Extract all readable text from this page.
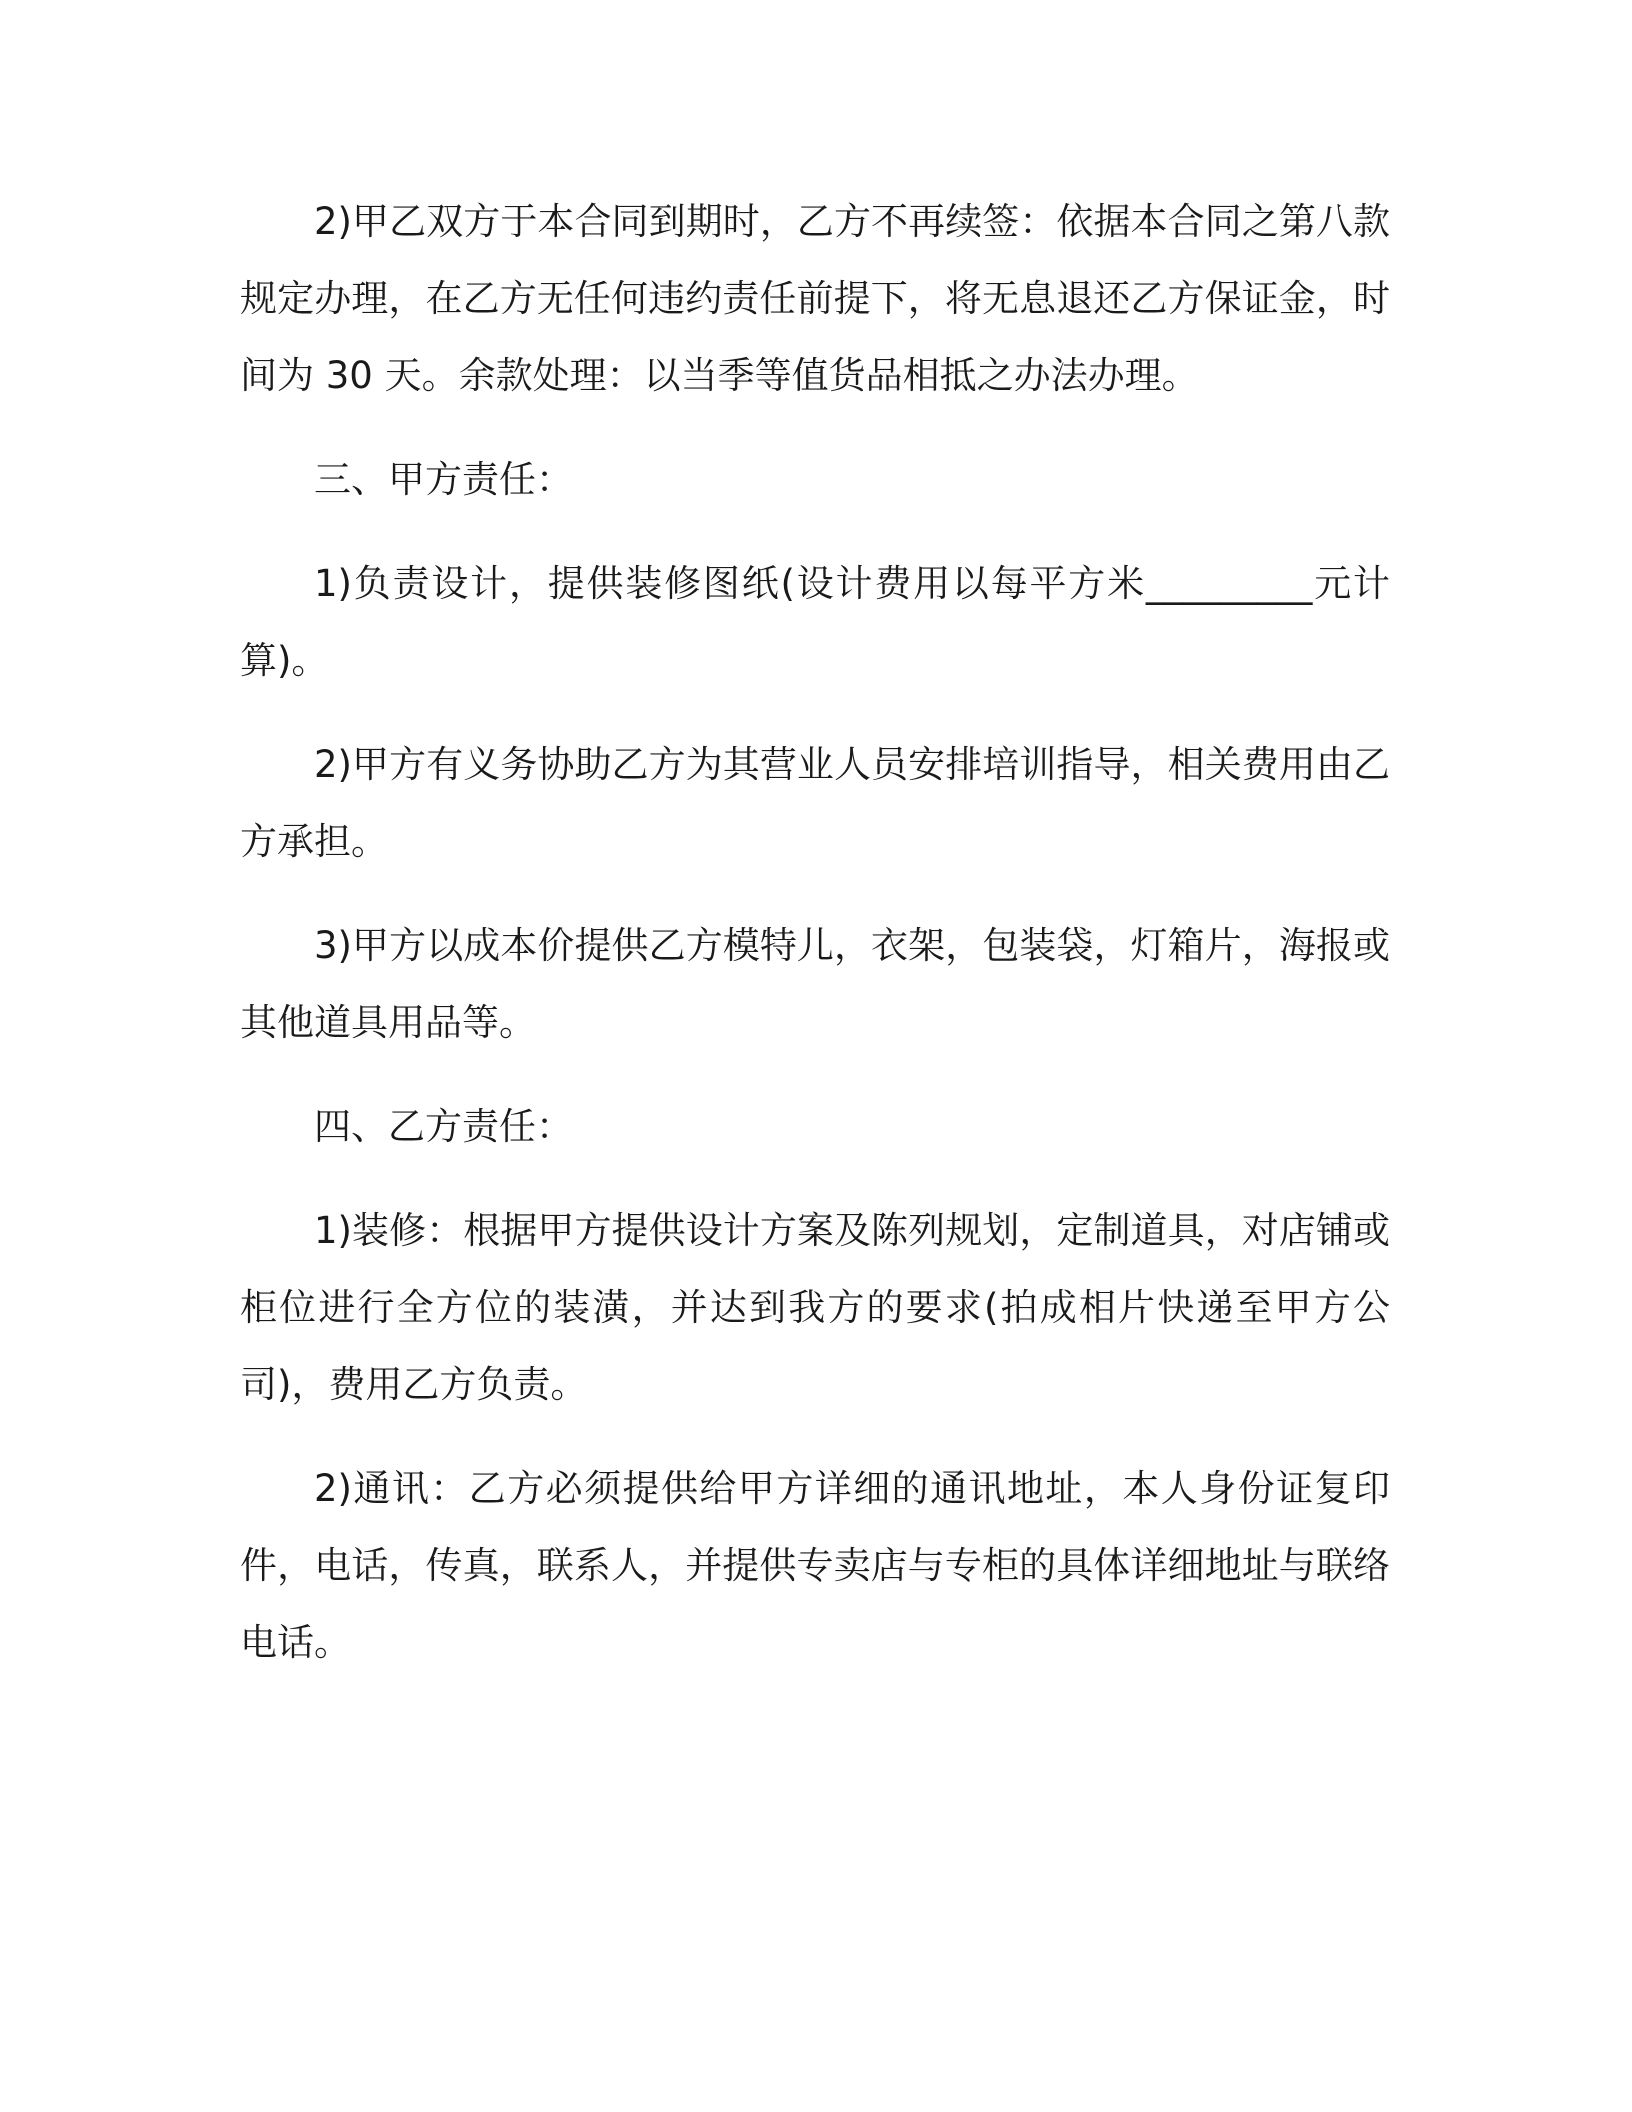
2)甲乙双方于本合同到期时，乙方不再续签：依据本合同之第八款规定办理，在乙方无任何违约责任前提下，将无息退还乙方保证金，时间为 30 天。余款处理：以当季等值货品相抵之办法办理。

三、甲方责任：

1)负责设计，提供装修图纸(设计费用以每平方米_________元计算)。

2)甲方有义务协助乙方为其营业人员安排培训指导，相关费用由乙方承担。

3)甲方以成本价提供乙方模特儿，衣架，包装袋，灯箱片，海报或其他道具用品等。

四、乙方责任：

1)装修：根据甲方提供设计方案及陈列规划，定制道具，对店铺或柜位进行全方位的装潢，并达到我方的要求(拍成相片快递至甲方公司)，费用乙方负责。

2)通讯：乙方必须提供给甲方详细的通讯地址，本人身份证复印件，电话，传真，联系人，并提供专卖店与专柜的具体详细地址与联络电话。
